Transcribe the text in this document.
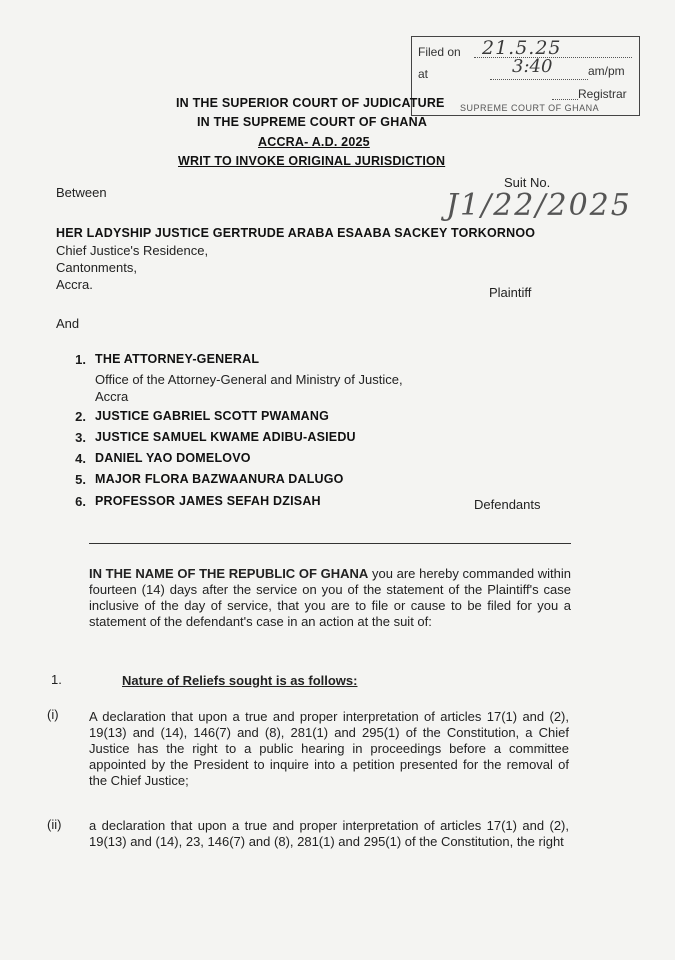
Filed on 21.5.25
at	3:40	am/pm
Registrar
SUPREME COURT OF GHANA
IN THE SUPERIOR COURT OF JUDICATURE
IN THE SUPREME COURT OF GHANA
ACCRA- A.D. 2025
WRIT TO INVOKE ORIGINAL JURISDICTION
Between
Suit No.
J1/22/2025
HER LADYSHIP JUSTICE GERTRUDE ARABA ESAABA SACKEY TORKORNOO
Chief Justice's Residence,
Cantonments,
Accra.
Plaintiff
And
1. THE ATTORNEY-GENERAL
Office of the Attorney-General and Ministry of Justice,
Accra
2. JUSTICE GABRIEL SCOTT PWAMANG
3. JUSTICE SAMUEL KWAME ADIBU-ASIEDU
4. DANIEL YAO DOMELOVO
5. MAJOR FLORA BAZWAANURA DALUGO
6. PROFESSOR JAMES SEFAH DZISAH	Defendants
IN THE NAME OF THE REPUBLIC OF GHANA you are hereby commanded within fourteen (14) days after the service on you of the statement of the Plaintiff's case inclusive of the day of service, that you are to file or cause to be filed for you a statement of the defendant's case in an action at the suit of:
1.	Nature of Reliefs sought is as follows:
(i) A declaration that upon a true and proper interpretation of articles 17(1) and (2), 19(13) and (14), 146(7) and (8), 281(1) and 295(1) of the Constitution, a Chief Justice has the right to a public hearing in proceedings before a committee appointed by the President to inquire into a petition presented for the removal of the Chief Justice;
(ii) a declaration that upon a true and proper interpretation of articles 17(1) and (2), 19(13) and (14), 23, 146(7) and (8), 281(1) and 295(1) of the Constitution, the right
